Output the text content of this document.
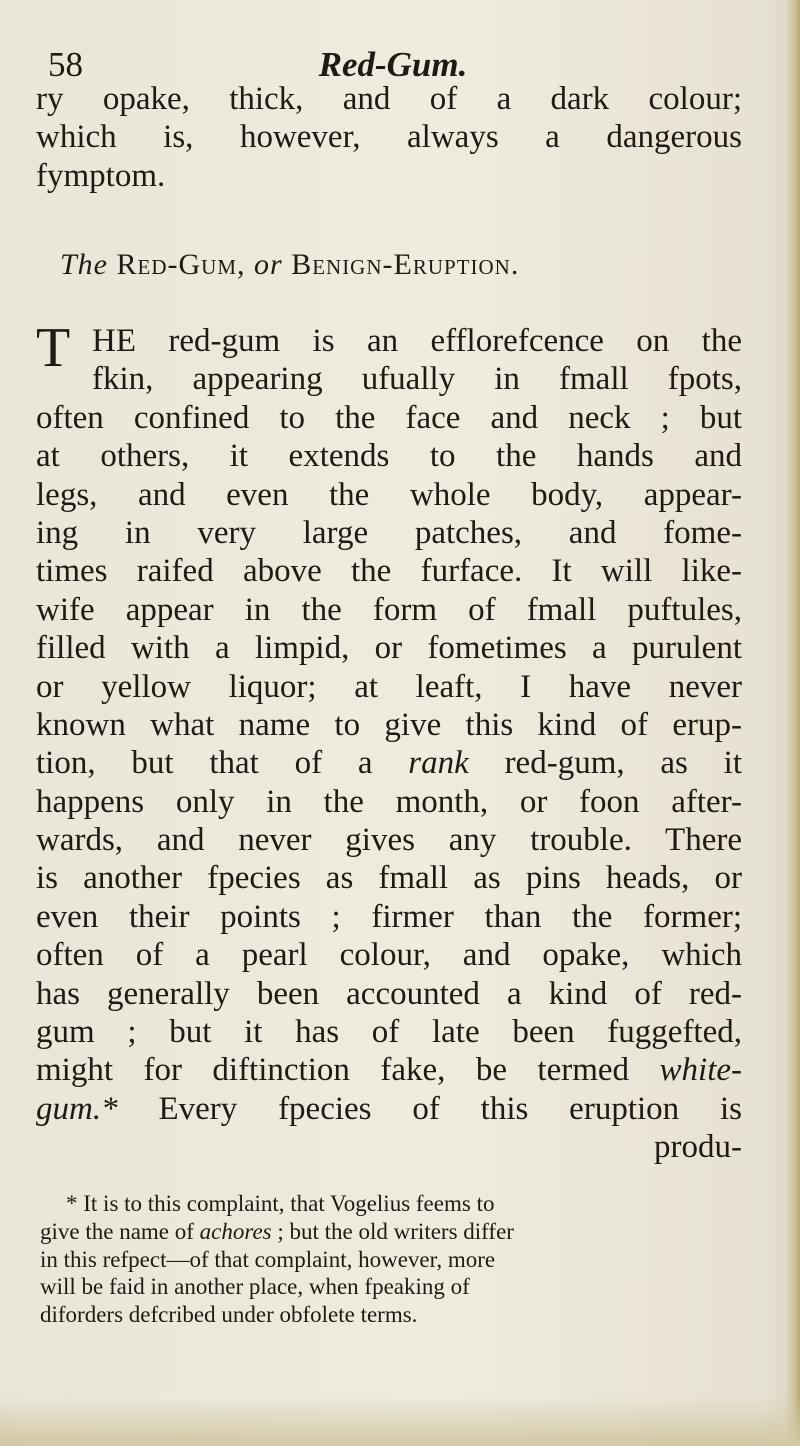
58	Red-Gum.
ry opake, thick, and of a dark colour;
which is, however, always a dangerous
fymptom.
The Red-Gum, or Benign-Eruption.
T HE red-gum is an efflorefcence on the
fkin, appearing ufually in fmall fpots,
often confined to the face and neck ; but
at others, it extends to the hands and
legs, and even the whole body, appear-
ing in very large patches, and fome-
times raifed above the furface. It will like-
wife appear in the form of fmall puftules,
filled with a limpid, or fometimes a purulent
or yellow liquor; at leaft, I have never
known what name to give this kind of erup-
tion, but that of a rank red-gum, as it
happens only in the month, or foon after-
wards, and never gives any trouble. There
is another fpecies as fmall as pins heads, or
even their points ; firmer than the former;
often of a pearl colour, and opake, which
has generally been accounted a kind of red-
gum ; but it has of late been fuggefted,
might for diftinction fake, be termed white-
gum.* Every fpecies of this eruption is
produ-
* It is to this complaint, that Vogelius feems to
give the name of achores ; but the old writers differ
in this refpect—of that complaint, however, more
will be faid in another place, when fpeaking of
diforders defcribed under obfolete terms.
